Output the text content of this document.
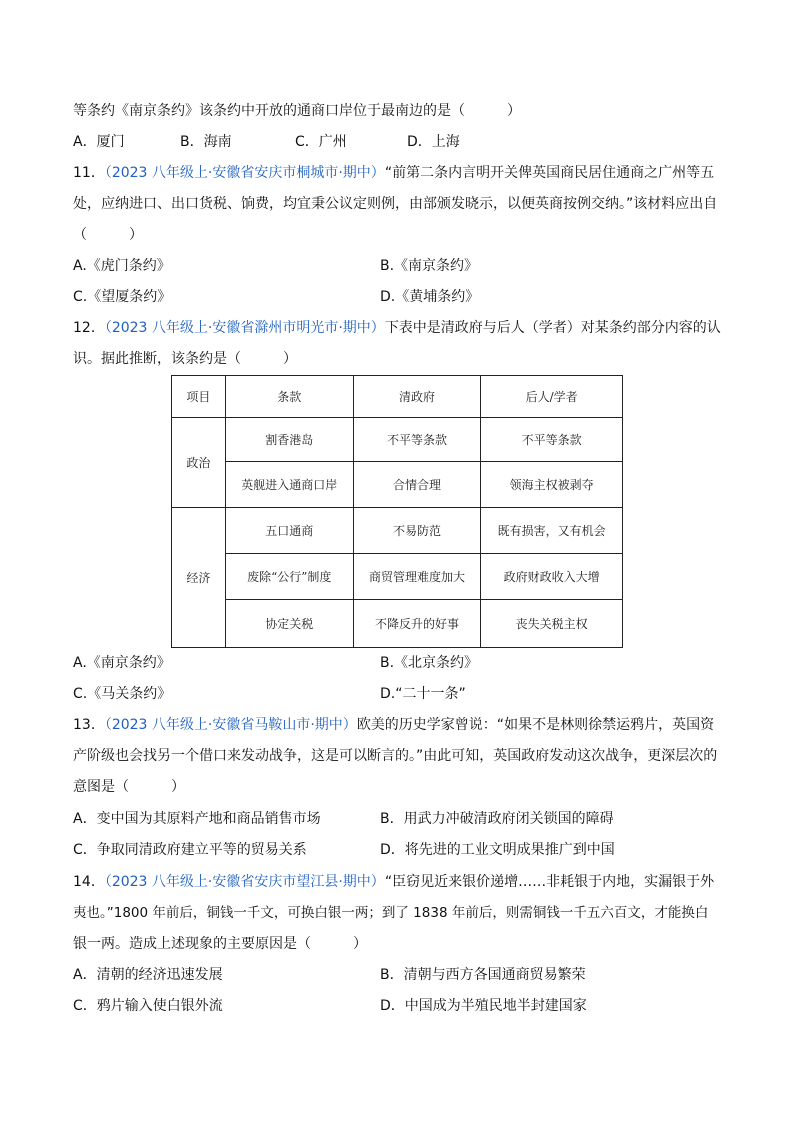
等条约《南京条约》该条约中开放的通商口岸位于最南边的是（　　　）
A．厦门	B．海南	C．广州	D．上海
11．（2023 八年级上·安徽省安庆市桐城市·期中）“前第二条内言明开关俾英国商民居住通商之广州等五
处，应纳进口、出口货税、饷费，均宜秉公议定则例，由部颁发晓示，以便英商按例交纳。”该材料应出自
（　　　）
A.《虎门条约》	B.《南京条约》
C.《望厦条约》	D.《黄埔条约》
12．（2023 八年级上·安徽省滁州市明光市·期中）下表中是清政府与后人（学者）对某条约部分内容的认
识。据此推断，该条约是（　　　）
项目	条款	清政府	后人/学者
政治	割香港岛	不平等条款	不平等条款
	英舰进入通商口岸	合情合理	领海主权被剥夺
经济	五口通商	不易防范	既有损害，又有机会
	废除“公行”制度	商贸管理难度加大	政府财政收入大增
	协定关税	不降反升的好事	丧失关税主权
A.《南京条约》	B.《北京条约》
C.《马关条约》	D.“二十一条”
13．（2023 八年级上·安徽省马鞍山市·期中）欧美的历史学家曾说：“如果不是林则徐禁运鸦片，英国资
产阶级也会找另一个借口来发动战争，这是可以断言的。”由此可知，英国政府发动这次战争，更深层次的
意图是（　　　）
A．变中国为其原料产地和商品销售市场	B．用武力冲破清政府闭关锁国的障碍
C．争取同清政府建立平等的贸易关系	D．将先进的工业文明成果推广到中国
14．（2023 八年级上·安徽省安庆市望江县·期中）“臣窃见近来银价递增……非耗银于内地，实漏银于外
夷也。”1800 年前后，铜钱一千文，可换白银一两；到了 1838 年前后，则需铜钱一千五六百文，才能换白
银一两。造成上述现象的主要原因是（　　　）
A．清朝的经济迅速发展	B．清朝与西方各国通商贸易繁荣
C．鸦片输入使白银外流	D．中国成为半殖民地半封建国家
